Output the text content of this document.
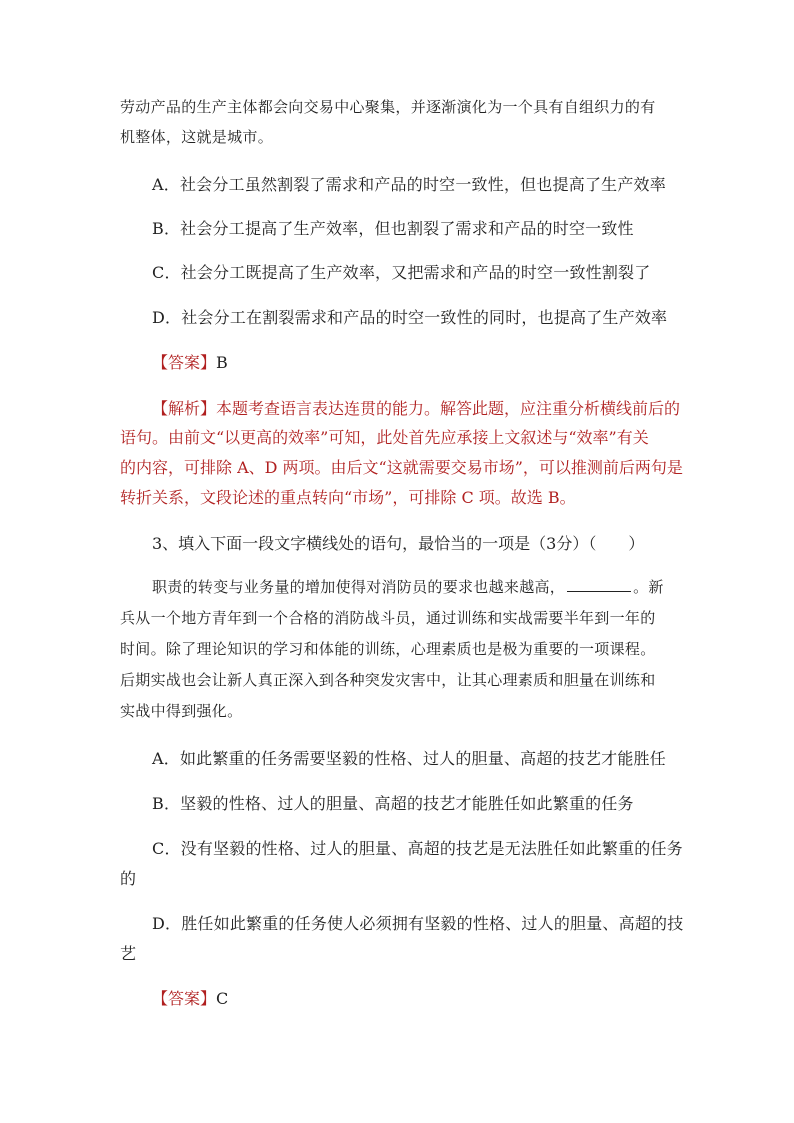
劳动产品的生产主体都会向交易中心聚集，并逐渐演化为一个具有自组织力的有
机整体，这就是城市。
A．社会分工虽然割裂了需求和产品的时空一致性，但也提高了生产效率
B．社会分工提高了生产效率，但也割裂了需求和产品的时空一致性
C．社会分工既提高了生产效率，又把需求和产品的时空一致性割裂了
D．社会分工在割裂需求和产品的时空一致性的同时，也提高了生产效率
【答案】B
【解析】本题考查语言表达连贯的能力。解答此题，应注重分析横线前后的
语句。由前文“以更高的效率”可知，此处首先应承接上文叙述与“效率”有关
的内容，可排除 A、D 两项。由后文“这就需要交易市场”，可以推测前后两句是
转折关系，文段论述的重点转向“市场”，可排除 C 项。故选 B。
3、填入下面一段文字横线处的语句，最恰当的一项是（3分）（　　）
职责的转变与业务量的增加使得对消防员的要求也越来越高，	。新
兵从一个地方青年到一个合格的消防战斗员，通过训练和实战需要半年到一年的
时间。除了理论知识的学习和体能的训练，心理素质也是极为重要的一项课程。
后期实战也会让新人真正深入到各种突发灾害中，让其心理素质和胆量在训练和
实战中得到强化。
A．如此繁重的任务需要坚毅的性格、过人的胆量、高超的技艺才能胜任
B．坚毅的性格、过人的胆量、高超的技艺才能胜任如此繁重的任务
C．没有坚毅的性格、过人的胆量、高超的技艺是无法胜任如此繁重的任务
的
D．胜任如此繁重的任务使人必须拥有坚毅的性格、过人的胆量、高超的技
艺
【答案】C
